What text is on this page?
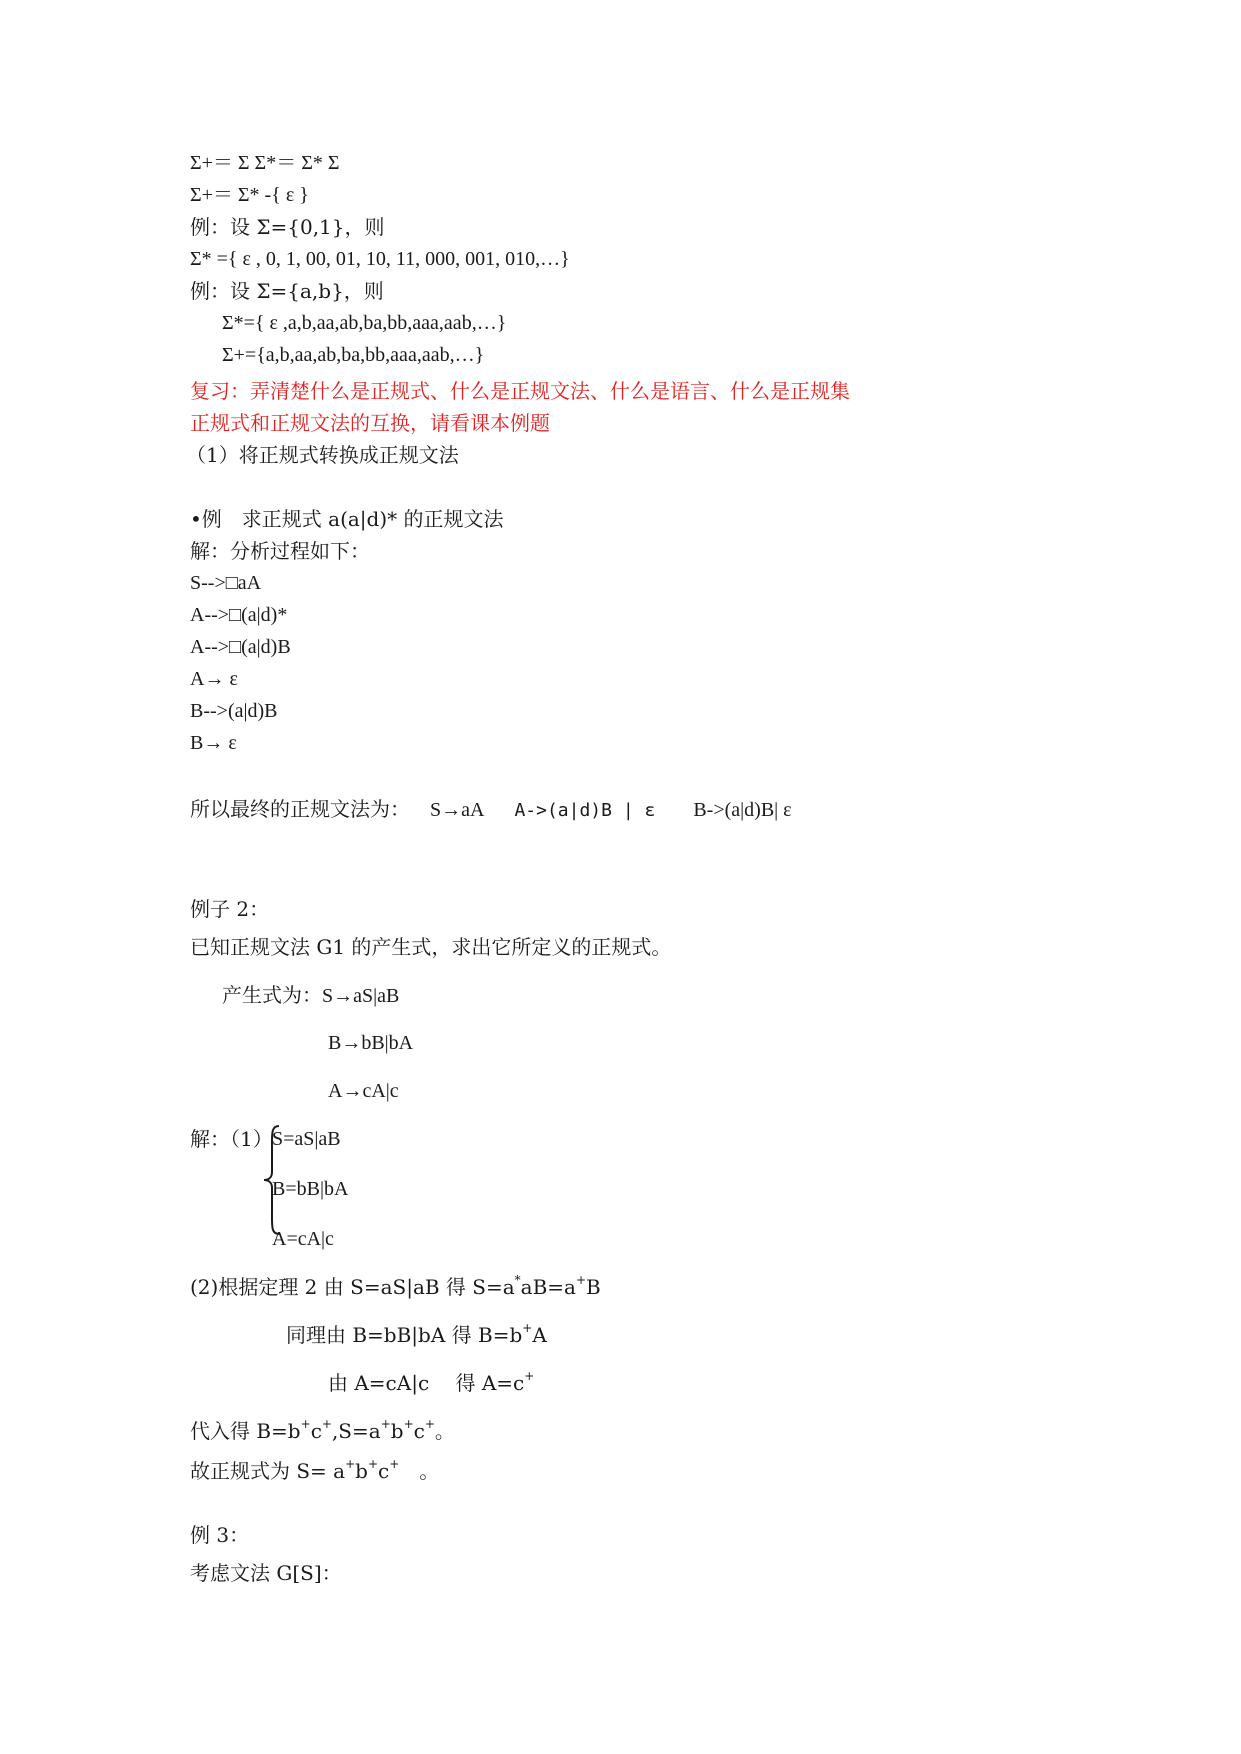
Σ+＝ Σ Σ*＝ Σ* Σ
Σ+＝ Σ* -{ ε }
例：设 Σ={0,1}，则
Σ* ={ ε , 0, 1, 00, 01, 10, 11, 000, 001, 010,…}
例：设 Σ={a,b}，则
Σ*={ ε ,a,b,aa,ab,ba,bb,aaa,aab,…}
Σ+={a,b,aa,ab,ba,bb,aaa,aab,…}
复习：弄清楚什么是正规式、什么是正规文法、什么是语言、什么是正规集
正规式和正规文法的互换，请看课本例题
（1）将正规式转换成正规文法
•例　求正规式 a(a|d)* 的正规文法
解：分析过程如下：
S-->□aA
A-->□(a|d)*
A-->□(a|d)B
A→ ε
B-->(a|d)B
B→ ε
所以最终的正规文法为： S→aA A->(a|d)B | ε B->(a|d)B| ε
例子 2：
已知正规文法 G1 的产生式，求出它所定义的正规式。
产生式为：S→aS|aB
B→bB|bA
A→cA|c
解：（1） S=aS|aB
B=bB|bA
A=cA|c
(2)根据定理 2 由 S=aS|aB 得 S=a*aB=a+B
同理由 B=bB|bA 得 B=b+A
由 A=cA|c　 得 A=c+
代入得 B=b+c+,S=a+b+c+。
故正规式为 S= a+b+c+　。
例 3：
考虑文法 G[S]：
